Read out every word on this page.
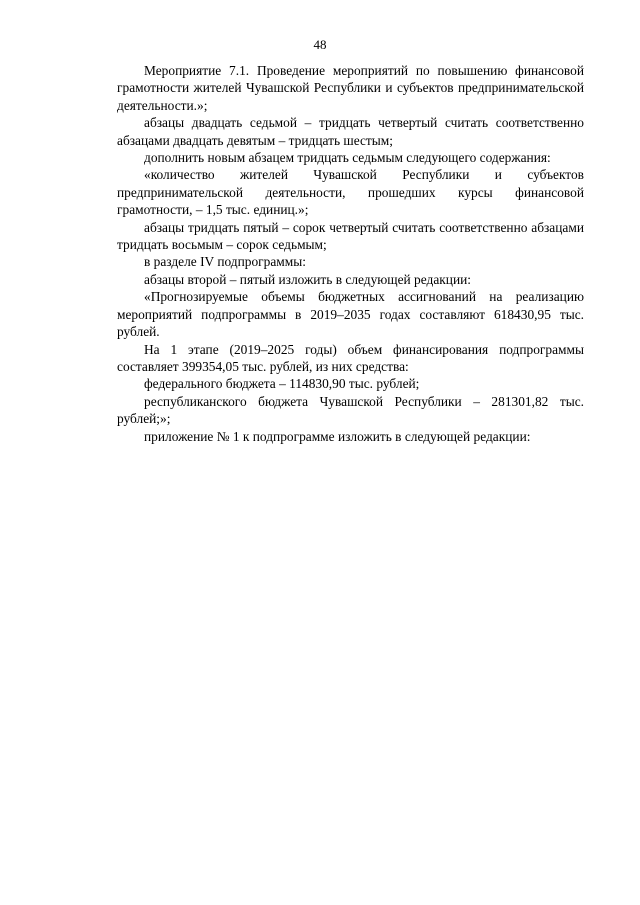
48

Мероприятие 7.1. Проведение мероприятий по повышению финансовой грамотности жителей Чувашской Республики и субъектов предпринимательской деятельности.»;

абзацы двадцать седьмой – тридцать четвертый считать соответственно абзацами двадцать девятым – тридцать шестым;

дополнить новым абзацем тридцать седьмым следующего содержания:

«количество жителей Чувашской Республики и субъектов предпринимательской деятельности, прошедших курсы финансовой грамотности, – 1,5 тыс. единиц.»;

абзацы тридцать пятый – сорок четвертый считать соответственно абзацами тридцать восьмым – сорок седьмым;

в разделе IV подпрограммы:

абзацы второй – пятый изложить в следующей редакции:

«Прогнозируемые объемы бюджетных ассигнований на реализацию мероприятий подпрограммы в 2019–2035 годах составляют 618430,95 тыс. рублей.

На 1 этапе (2019–2025 годы) объем финансирования подпрограммы составляет 399354,05 тыс. рублей, из них средства:

федерального бюджета – 114830,90 тыс. рублей;

республиканского бюджета Чувашской Республики – 281301,82 тыс. рублей;»;

приложение № 1 к подпрограмме изложить в следующей редакции:
